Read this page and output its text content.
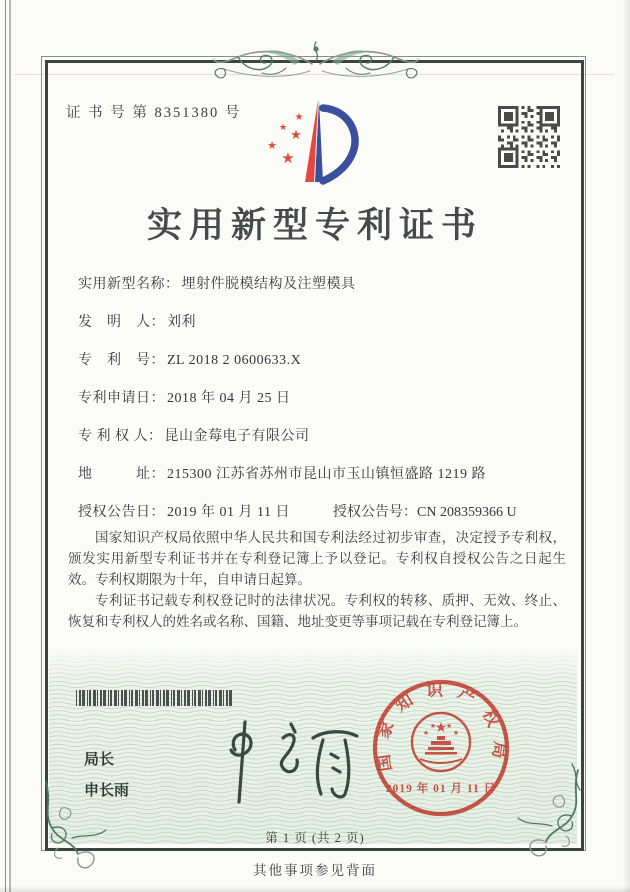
证 书 号 第 8351380 号	★
★ ★
★
★
实用新型专利证书
实用新型名称： 埋射件脱模结构及注塑模具
发　明　人： 刘利
专　利　号： ZL 2018 2 0600633.X
专利申请日： 2018 年 04 月 25 日
专 利 权 人： 昆山金莓电子有限公司
地　　　址： 215300 江苏省苏州市昆山市玉山镇恒盛路 1219 路
授权公告日： 2019 年 01 月 11 日	授权公告号：CN 208359366 U

国家知识产权局依照中华人民共和国专利法经过初步审查，决定授予专利权，颁发实用新型专利证书并在专利登记簿上予以登记。专利权自授权公告之日起生效。专利权期限为十年，自申请日起算。

专利证书记载专利权登记时的法律状况。专利权的转移、质押、无效、终止、恢复和专利权人的姓名或名称、国籍、地址变更等事项记载在专利登记簿上。

局长
申长雨
国家知识产权局
★
★
★ ★
★
2019 年 01 月 11 日
第 1 页 (共 2 页)
其他事项参见背面
